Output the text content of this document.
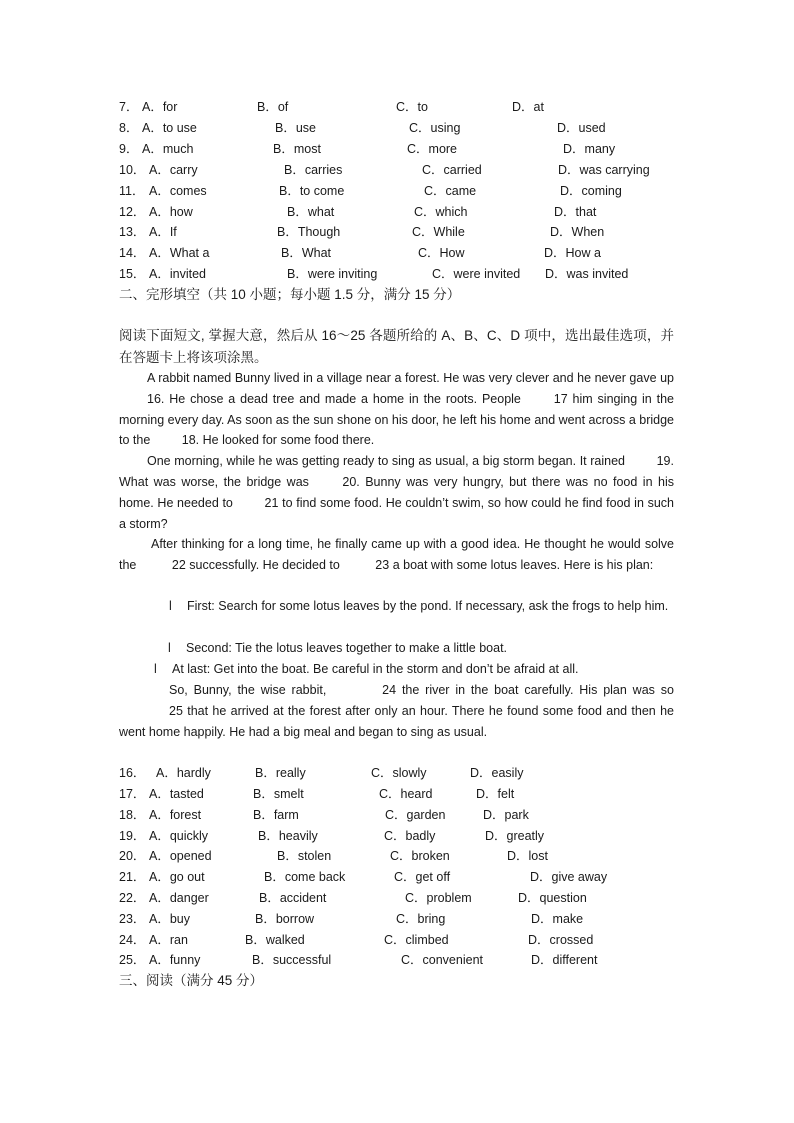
7． A．for	B．of	C．to	D．at
8． A．to use	B．use	C．using	D．used
9． A．much	B．most	C．more	D．many
10． A．carry	B．carries	C．carried	D．was carrying
11． A．comes	B．to come	C．came	D．coming
12． A．how	B．what	C．which	D．that
13． A．If	B．Though	C．While	D．When
14． A．What a	B．What	C．How	D．How a
15． A．invited	B．were inviting	C．were invited D．was invited
二、完形填空（共 10 小题；每小题 1.5 分，满分 15 分）
阅读下面短文, 掌握大意，然后从 16～25 各题所给的 A、B、C、D 项中，选出最佳选项，并在答题卡上将该项涂黑。

A rabbit named Bunny lived in a village near a forest. He was very clever and he never gave up 16. He chose a dead tree and made a home in the roots. People	17 him singing in the morning every day. As soon as the sun shone on his door, he left his home and went across a bridge to the	18. He looked for some food there.

One morning, while he was getting ready to sing as usual, a big storm began. It rained	19. What was worse, the bridge was	20. Bunny was very hungry, but there was no food in his home. He needed to	21 to find some food. He couldn’t swim, so how could he find food in such a storm?

After thinking for a long time, he finally came up with a good idea. He thought he would solve the	22 successfully. He decided to	23 a boat with some lotus leaves. Here is his plan:

l First: Search for some lotus leaves by the pond. If necessary, ask the frogs to help him.

l Second: Tie the lotus leaves together to make a little boat.
l At last: Get into the boat. Be careful in the storm and don’t be afraid at all.

So, Bunny, the wise rabbit,	24 the river in the boat carefully. His plan was so 25 that he arrived at the forest after only an hour. There he found some food and then he went home happily. He had a big meal and began to sing as usual.

16． A．hardly	B．really	C．slowly	D．easily
17． A．tasted	B．smelt	C．heard	D．felt
18． A．forest	B．farm	C．garden	D．park
19． A．quickly	B．heavily	C．badly	D．greatly
20． A．opened	B．stolen	C．broken	D．lost
21． A．go out	B．come back	C．get off	D．give away
22． A．danger	B．accident	C．problem	D．question
23． A．buy	B．borrow	C．bring	D．make
24． A．ran	B．walked	C．climbed	D．crossed
25． A．funny	B．successful	C．convenient	D．different
三、阅读（满分 45 分）
